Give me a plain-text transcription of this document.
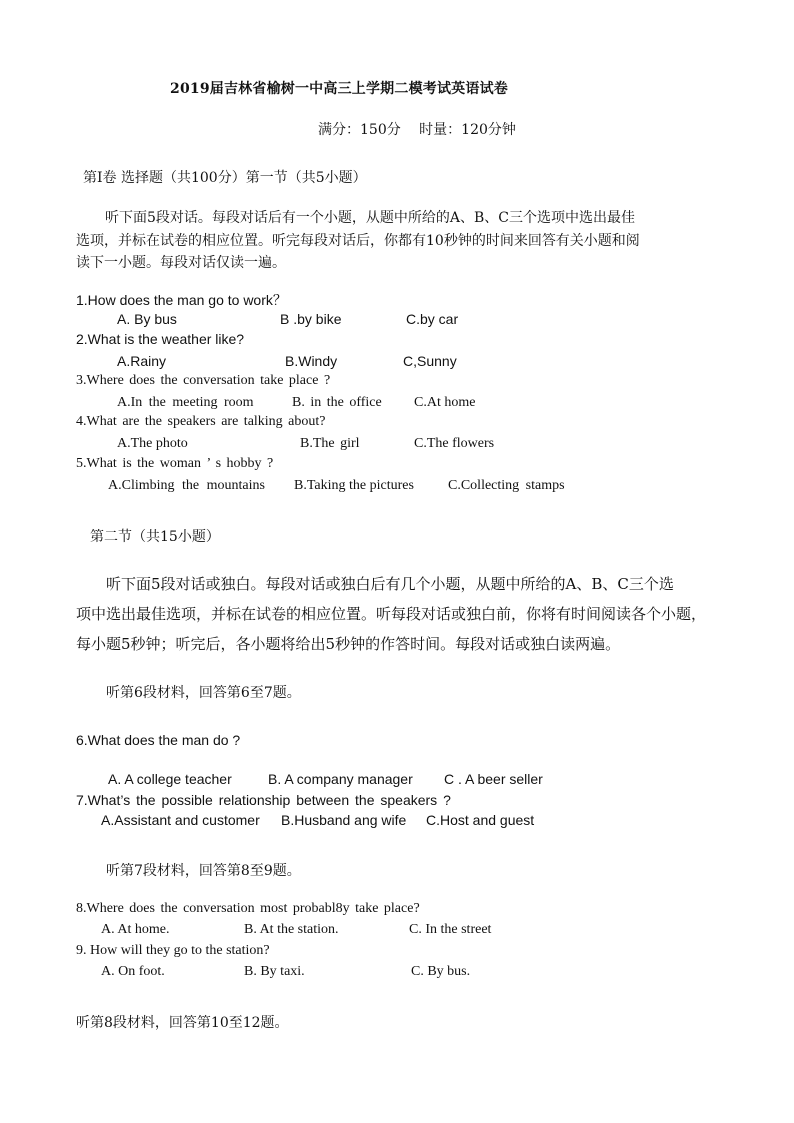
2019届吉林省榆树一中高三上学期二模考试英语试卷
满分：150分 时量：120分钟
第I卷 选择题（共100分）第一节（共5小题）
听下面5段对话。每段对话后有一个小题，从题中所给的A、B、C三个选项中选出最佳
选项，并标在试卷的相应位置。听完每段对话后，你都有10秒钟的时间来回答有关小题和阅
读下一小题。每段对话仅读一遍。
1.How does the man go to work？
A. By bus	B .by bike	C.by car
2.What is the weather like?
A.Rainy	B.Windy	C,Sunny
3.Where does the conversation take place ?
A.In the meeting room	B. in the office C.At home
4.What are the speakers are talking about?
A.The photo	B.The girl	C.The flowers
5.What is the woman ’ s hobby ?
A.Climbing the mountains B.Taking the pictures C.Collecting stamps
第二节（共15小题）
听下面5段对话或独白。每段对话或独白后有几个小题，从题中所给的A、B、C三个选
项中选出最佳选项，并标在试卷的相应位置。听每段对话或独白前，你将有时间阅读各个小题，
每小题5秒钟；听完后，各小题将给出5秒钟的作答时间。每段对话或独白读两遍。
听第6段材料，回答第6至7题。
6.What does the man do ?
A. A college teacher	B. A company manager C . A beer seller
7.What’s the possible relationship between the speakers ?
A.Assistant and customer B.Husband ang wife C.Host and guest
听第7段材料，回答第8至9题。
8.Where does the conversation most probabl8y take place?
A. At home.	B. At the station.	C. In the street
9. How will they go to the station?
A. On foot.	B. By taxi.	C. By bus.
听第8段材料，回答第10至12题。
